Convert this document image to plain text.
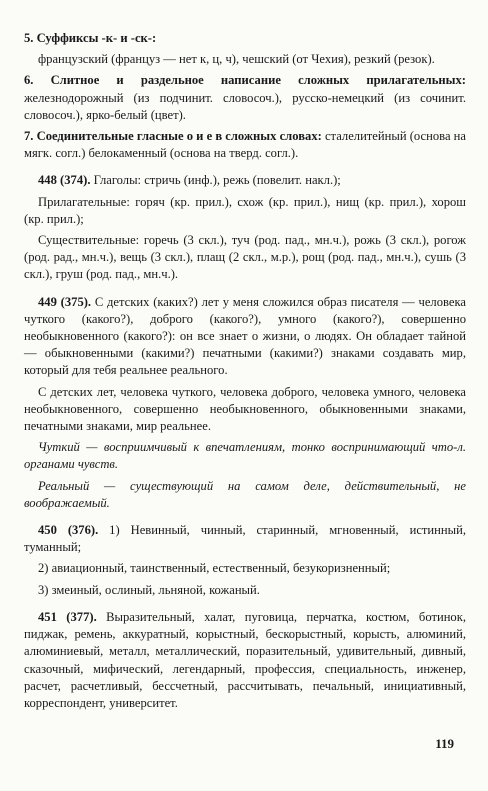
5. Суффиксы -к- и -ск-:

французский (француз — нет к, ц, ч), чешский (от Чехия), резкий (резок).

6. Слитное и раздельное написание сложных прилагательных: железнодорожный (из подчинит. словосоч.), русско-немецкий (из сочинит. словосоч.), ярко-белый (цвет).

7. Соединительные гласные о и е в сложных словах: сталелитейный (основа на мягк. согл.) белокаменный (основа на тверд. согл.).

448 (374). Глаголы: стричь (инф.), режь (повелит. накл.);

Прилагательные: горяч (кр. прил.), схож (кр. прил.), нищ (кр. прил.), хорош (кр. прил.);

Существительные: горечь (3 скл.), туч (род. пад., мн.ч.), рожь (3 скл.), рогож (род. рад., мн.ч.), вещь (3 скл.), плащ (2 скл., м.р.), рощ (род. пад., мн.ч.), сушь (3 скл.), груш (род. пад., мн.ч.).

449 (375). С детских (каких?) лет у меня сложился образ писателя — человека чуткого (какого?), доброго (какого?), умного (какого?), совершенно необыкновенного (какого?): он все знает о жизни, о людях. Он обладает тайной — обыкновенными (какими?) печатными (какими?) знаками создавать мир, который для тебя реальнее реального.

С детских лет, человека чуткого, человека доброго, человека умного, человека необыкновенного, совершенно необыкновенного, обыкновенными знаками, печатными знаками, мир реальнее.

Чуткий — восприимчивый к впечатлениям, тонко воспринимающий что-л. органами чувств.

Реальный — существующий на самом деле, действительный, не воображаемый.

450 (376). 1) Невинный, чинный, старинный, мгновенный, истинный, туманный;

2) авиационный, таинственный, естественный, безукоризненный;

3) змеиный, ослиный, льняной, кожаный.

451 (377). Выразительный, халат, пуговица, перчатка, костюм, ботинок, пиджак, ремень, аккуратный, корыстный, бескорыстный, корысть, алюминий, алюминиевый, металл, металлический, поразительный, удивительный, дивный, сказочный, мифический, легендарный, профессия, специальность, инженер, расчет, расчетливый, бессчетный, рассчитывать, печальный, инициативный, корреспондент, университет.

119
